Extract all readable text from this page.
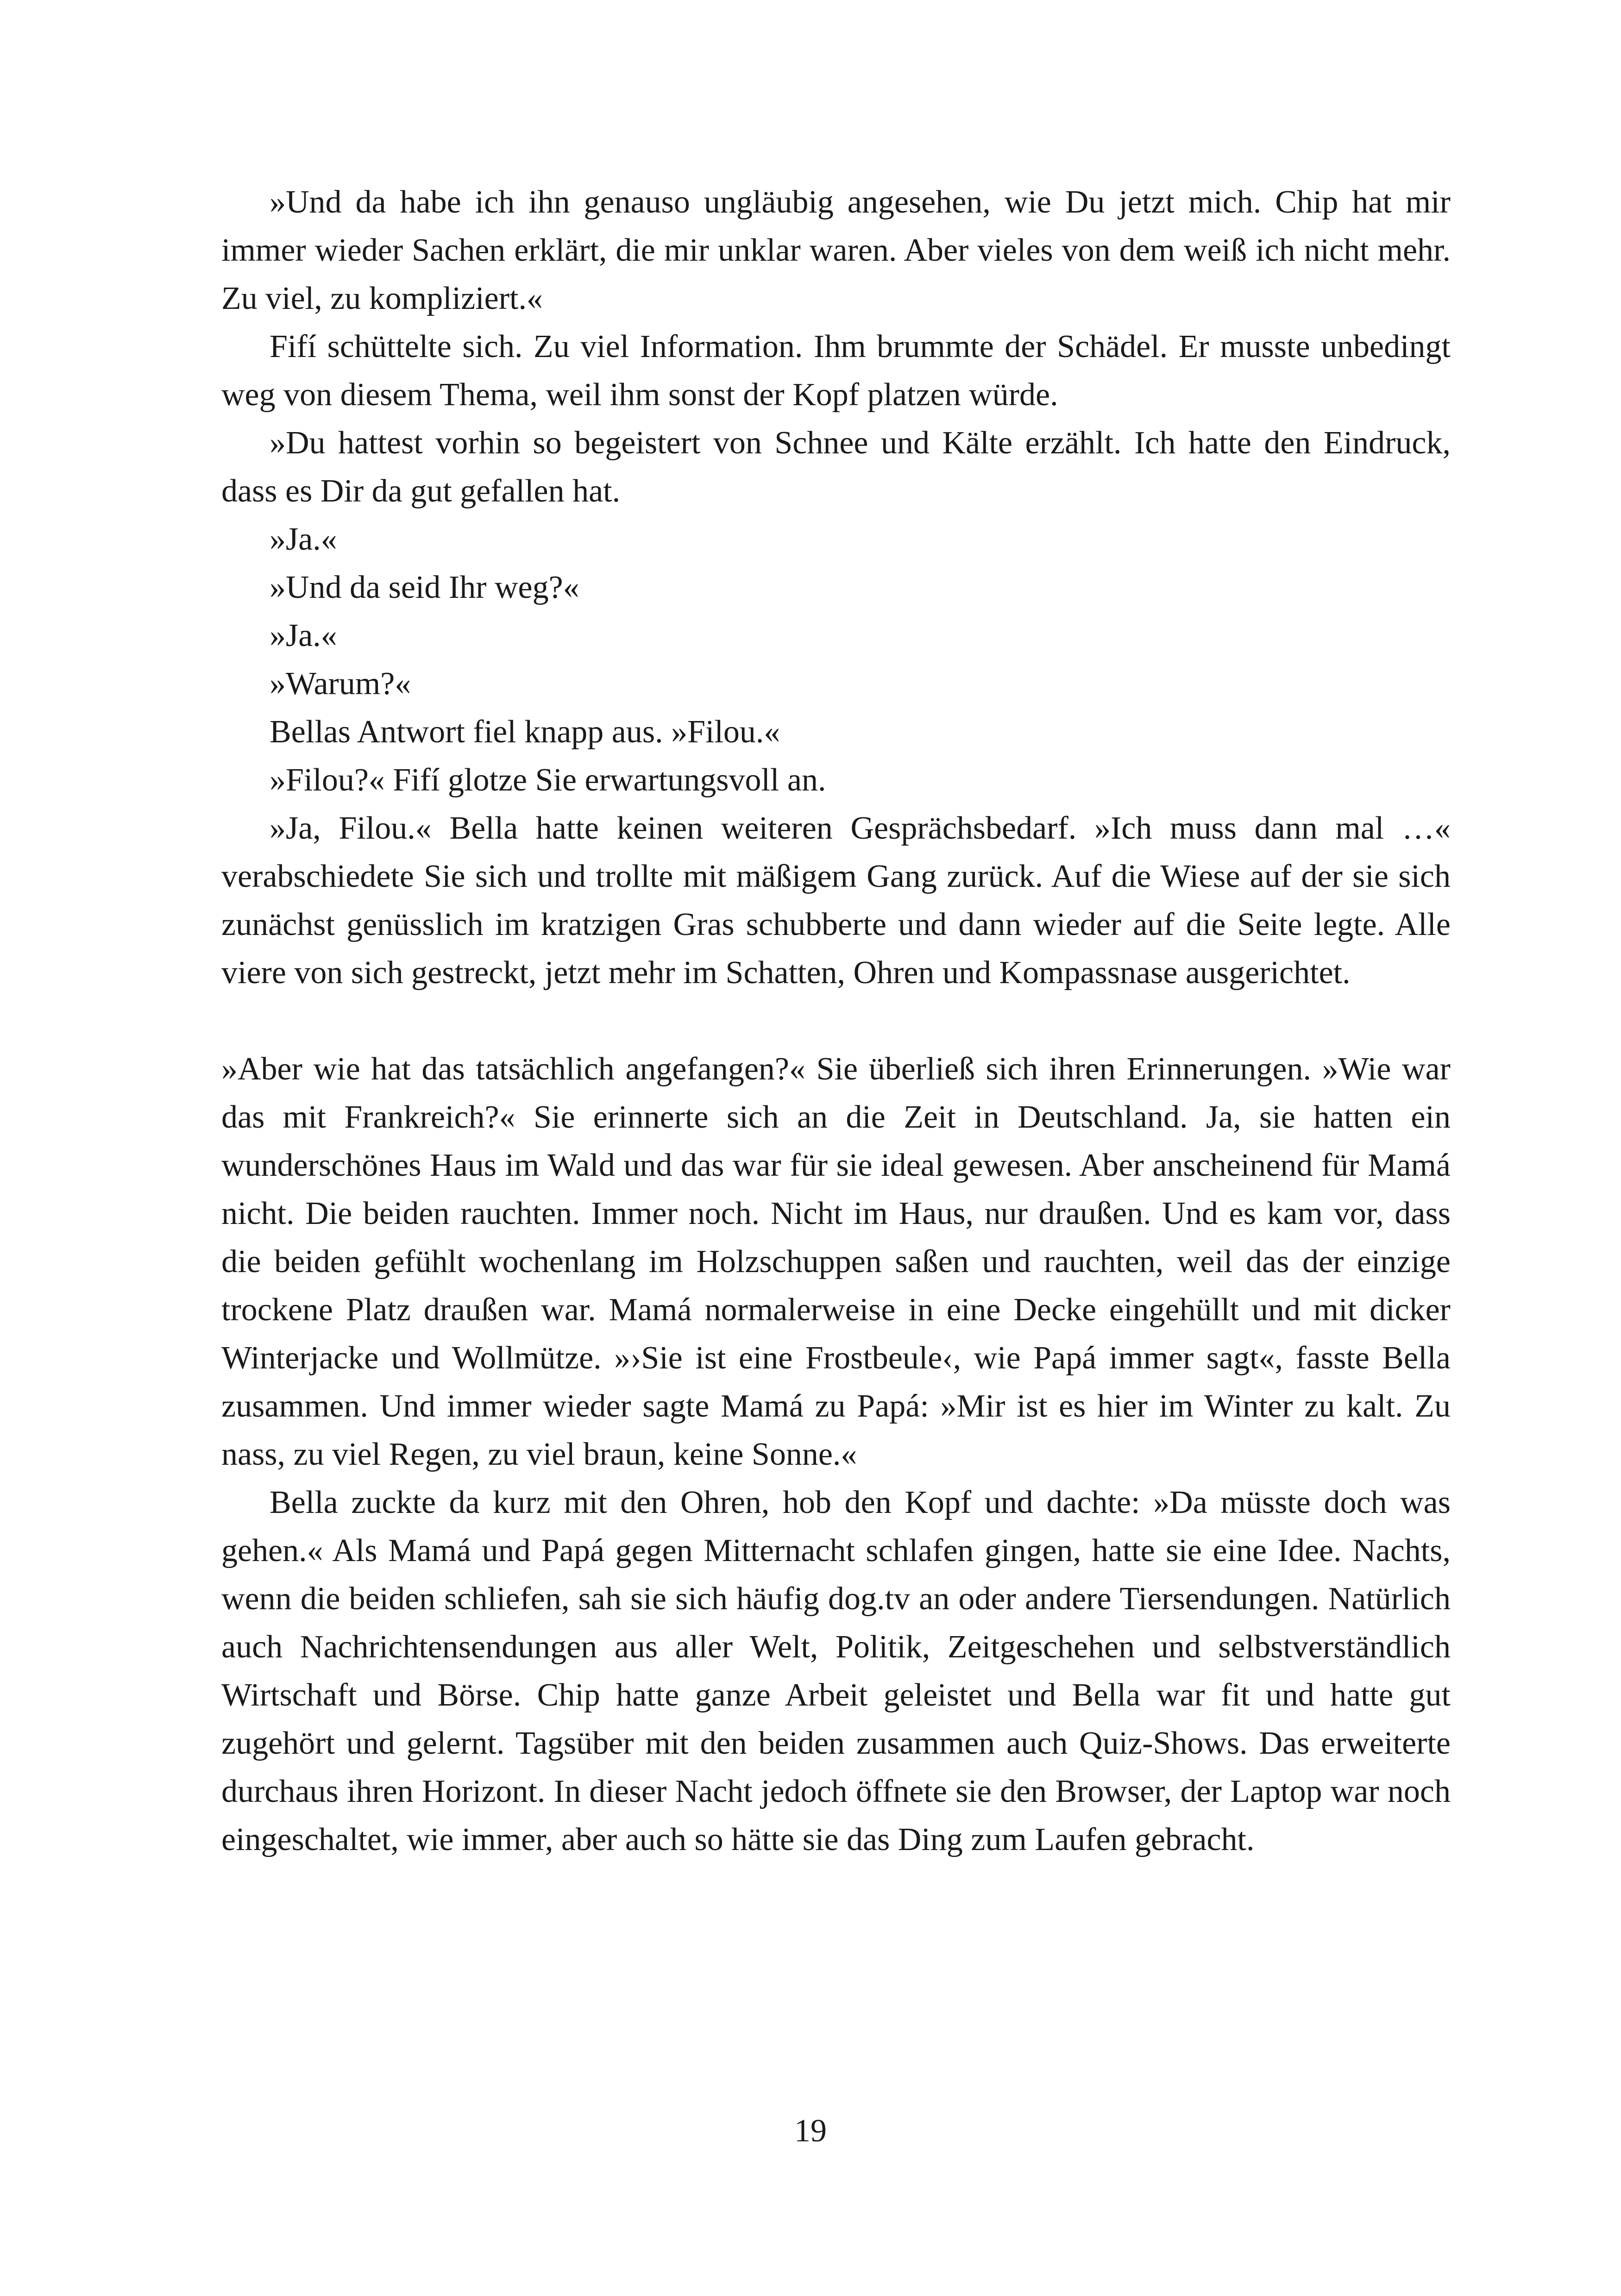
»Und da habe ich ihn genauso ungläubig angesehen, wie Du jetzt mich. Chip hat mir immer wieder Sachen erklärt, die mir unklar waren. Aber vieles von dem weiß ich nicht mehr. Zu viel, zu kompliziert.«

Fifí schüttelte sich. Zu viel Information. Ihm brummte der Schädel. Er musste unbedingt weg von diesem Thema, weil ihm sonst der Kopf platzen würde.

»Du hattest vorhin so begeistert von Schnee und Kälte erzählt. Ich hatte den Eindruck, dass es Dir da gut gefallen hat.

»Ja.«

»Und da seid Ihr weg?«

»Ja.«

»Warum?«

Bellas Antwort fiel knapp aus. »Filou.«

»Filou?« Fifí glotze Sie erwartungsvoll an.

»Ja, Filou.« Bella hatte keinen weiteren Gesprächsbedarf. »Ich muss dann mal …« verabschiedete Sie sich und trollte mit mäßigem Gang zurück. Auf die Wiese auf der sie sich zunächst genüsslich im kratzigen Gras schubberte und dann wieder auf die Seite legte. Alle viere von sich gestreckt, jetzt mehr im Schatten, Ohren und Kompassnase ausgerichtet.

»Aber wie hat das tatsächlich angefangen?« Sie überließ sich ihren Erinnerungen. »Wie war das mit Frankreich?« Sie erinnerte sich an die Zeit in Deutschland. Ja, sie hatten ein wunderschönes Haus im Wald und das war für sie ideal gewesen. Aber anscheinend für Mamá nicht. Die beiden rauchten. Immer noch. Nicht im Haus, nur draußen. Und es kam vor, dass die beiden gefühlt wochenlang im Holzschuppen saßen und rauchten, weil das der einzige trockene Platz draußen war. Mamá normalerweise in eine Decke eingehüllt und mit dicker Winterjacke und Wollmütze. »›Sie ist eine Frostbeule‹, wie Papá immer sagt«, fasste Bella zusammen. Und immer wieder sagte Mamá zu Papá: »Mir ist es hier im Winter zu kalt. Zu nass, zu viel Regen, zu viel braun, keine Sonne.«

Bella zuckte da kurz mit den Ohren, hob den Kopf und dachte: »Da müsste doch was gehen.« Als Mamá und Papá gegen Mitternacht schlafen gingen, hatte sie eine Idee. Nachts, wenn die beiden schliefen, sah sie sich häufig dog.tv an oder andere Tiersendungen. Natürlich auch Nachrichtensendungen aus aller Welt, Politik, Zeitgeschehen und selbstverständlich Wirtschaft und Börse. Chip hatte ganze Arbeit geleistet und Bella war fit und hatte gut zugehört und gelernt. Tagsüber mit den beiden zusammen auch Quiz-Shows. Das erweiterte durchaus ihren Horizont. In dieser Nacht jedoch öffnete sie den Browser, der Laptop war noch eingeschaltet, wie immer, aber auch so hätte sie das Ding zum Laufen gebracht.

19
